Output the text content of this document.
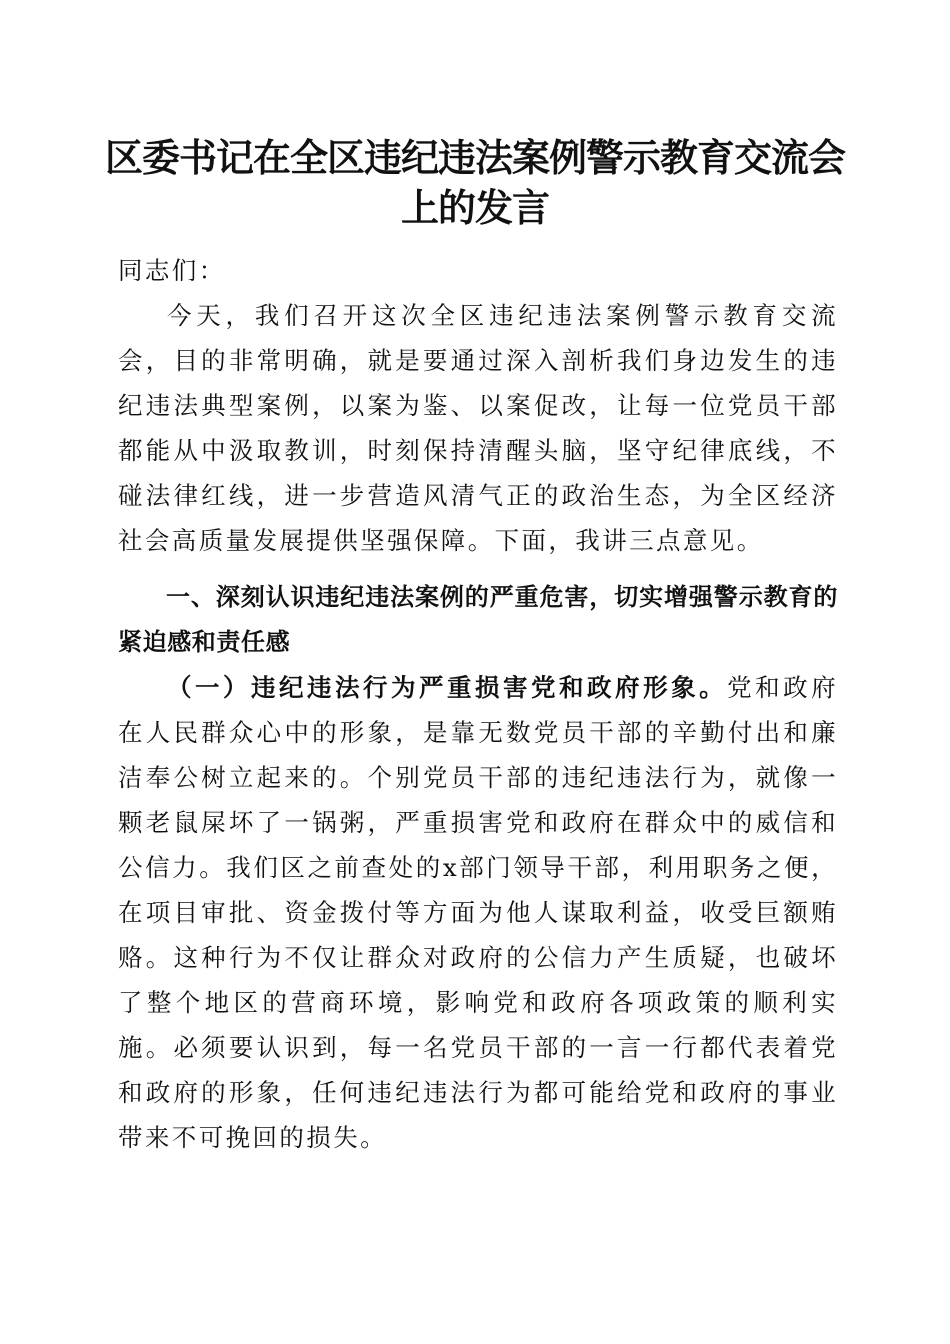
区委书记在全区违纪违法案例警示教育交流会上的发言

同志们：

今天，我们召开这次全区违纪违法案例警示教育交流会，目的非常明确，就是要通过深入剖析我们身边发生的违纪违法典型案例，以案为鉴、以案促改，让每一位党员干部都能从中汲取教训，时刻保持清醒头脑，坚守纪律底线，不碰法律红线，进一步营造风清气正的政治生态，为全区经济社会高质量发展提供坚强保障。下面，我讲三点意见。

一、深刻认识违纪违法案例的严重危害，切实增强警示教育的紧迫感和责任感

（一）违纪违法行为严重损害党和政府形象。党和政府在人民群众心中的形象，是靠无数党员干部的辛勤付出和廉洁奉公树立起来的。个别党员干部的违纪违法行为，就像一颗老鼠屎坏了一锅粥，严重损害党和政府在群众中的威信和公信力。我们区之前查处的x部门领导干部，利用职务之便，在项目审批、资金拨付等方面为他人谋取利益，收受巨额贿赂。这种行为不仅让群众对政府的公信力产生质疑，也破坏了整个地区的营商环境，影响党和政府各项政策的顺利实施。必须要认识到，每一名党员干部的一言一行都代表着党和政府的形象，任何违纪违法行为都可能给党和政府的事业带来不可挽回的损失。
